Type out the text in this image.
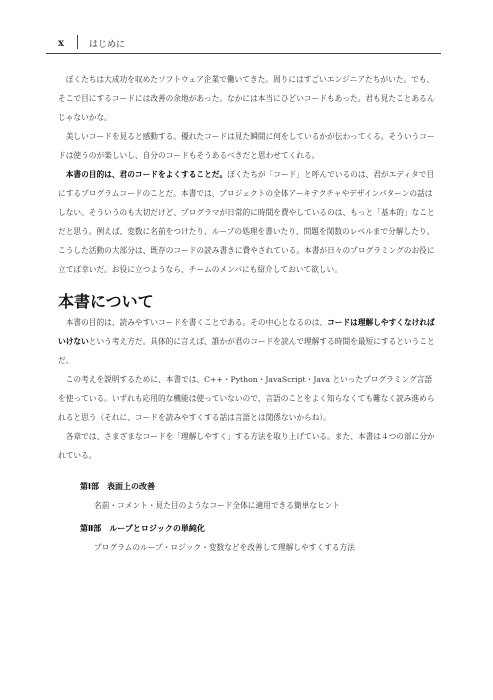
x	はじめに

ぼくたちは大成功を収めたソフトウェア企業で働いてきた。周りにはすごいエンジニアたちがいた。でも、そこで目にするコードには改善の余地があった。なかには本当にひどいコードもあった。君も見たことあるんじゃないかな。

美しいコードを見ると感動する。優れたコードは見た瞬間に何をしているかが伝わってくる。そういうコードは使うのが楽しいし、自分のコードもそうあるべきだと思わせてくれる。

本書の目的は、君のコードをよくすることだ。ぼくたちが「コード」と呼んでいるのは、君がエディタで目にするプログラムコードのことだ。本書では、プロジェクトの全体アーキテクチャやデザインパターンの話はしない。そういうのも大切だけど、プログラマが日常的に時間を費やしているのは、もっと「基本的」なことだと思う。例えば、変数に名前をつけたり、ループの処理を書いたり、問題を関数のレベルまで分解したり。こうした活動の大部分は、既存のコードの読み書きに費やされている。本書が日々のプログラミングのお役に立てば幸いだ。お役に立つようなら、チームのメンバにも紹介しておいて欲しい。

本書について

本書の目的は、読みやすいコードを書くことである。その中心となるのは、コードは理解しやすくなければいけないという考え方だ。具体的に言えば、誰かが君のコードを読んで理解する時間を最短にするということだ。

この考えを説明するために、本書では、C++・Python・JavaScript・Java といったプログラミング言語を使っている。いずれも応用的な機能は使っていないので、言語のことをよく知らなくても難なく読み進められると思う（それに、コードを読みやすくする話は言語とは関係ないからね）。

各章では、さまざまなコードを「理解しやすく」する方法を取り上げている。また、本書は４つの部に分かれている。

第Ⅰ部 表面上の改善
名前・コメント・見た目のようなコード全体に適用できる簡単なヒント
第Ⅱ部 ループとロジックの単純化
プログラムのループ・ロジック・変数などを改善して理解しやすくする方法
